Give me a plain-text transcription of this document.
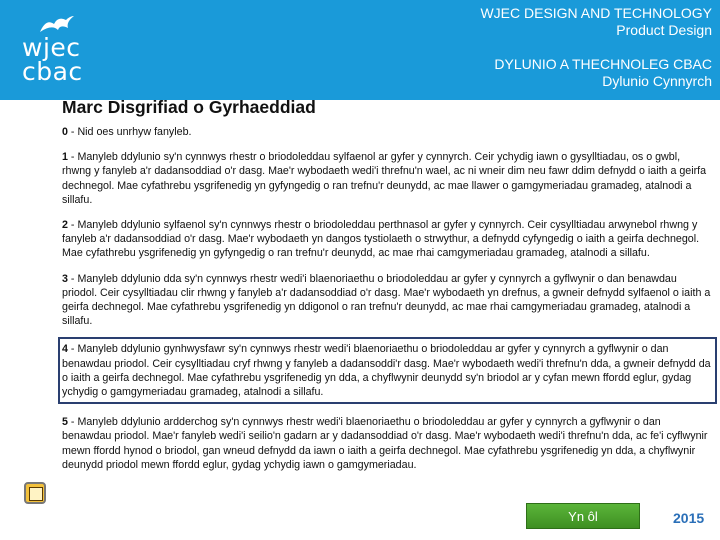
wjec
cbac
WJEC DESIGN AND TECHNOLOGY
Product Design
DYLUNIO A THECHNOLEG CBAC
Dylunio Cynnyrch
Marc Disgrifiad o Gyrhaeddiad
0 - Nid oes unrhyw fanyleb.
1 - Manyleb ddylunio sy'n cynnwys rhestr o briodoleddau sylfaenol ar gyfer y cynnyrch. Ceir ychydig iawn o gysylltiadau, os o gwbl, rhwng y fanyleb a'r dadansoddiad o'r dasg. Mae'r wybodaeth wedi'i threfnu'n wael, ac ni wneir dim neu fawr ddim defnydd o iaith a geirfa dechnegol. Mae cyfathrebu ysgrifenedig yn gyfyngedig o ran trefnu'r deunydd, ac mae llawer o gamgymeriadau gramadeg, atalnodi a sillafu.
2 - Manyleb ddylunio sylfaenol sy'n cynnwys rhestr o briodoleddau perthnasol ar gyfer y cynnyrch. Ceir cysylltiadau arwynebol rhwng y fanyleb a'r dadansoddiad o'r dasg. Mae'r wybodaeth yn dangos tystiolaeth o strwythur, a defnydd cyfyngedig o iaith a geirfa dechnegol. Mae cyfathrebu ysgrifenedig yn gyfyngedig o ran trefnu'r deunydd, ac mae rhai camgymeriadau gramadeg, atalnodi a sillafu.
3 - Manyleb ddylunio dda sy'n cynnwys rhestr wedi'i blaenoriaethu o briodoleddau ar gyfer y cynnyrch a gyflwynir o dan benawdau priodol. Ceir cysylltiadau clir rhwng y fanyleb a'r dadansoddiad o'r dasg. Mae'r wybodaeth yn drefnus, a gwneir defnydd sylfaenol o iaith a geirfa dechnegol. Mae cyfathrebu ysgrifenedig yn ddigonol o ran trefnu'r deunydd, ac mae rhai camgymeriadau gramadeg, atalnodi a sillafu.
4 - Manyleb ddylunio gynhwysfawr sy'n cynnwys rhestr wedi'i blaenoriaethu o briodoleddau ar gyfer y cynnyrch a gyflwynir o dan benawdau priodol. Ceir cysylltiadau cryf rhwng y fanyleb a dadansoddi'r dasg. Mae'r wybodaeth wedi'i threfnu'n dda, a gwneir defnydd da o iaith a geirfa dechnegol. Mae cyfathrebu ysgrifenedig yn dda, a chyflwynir deunydd sy'n briodol ar y cyfan mewn ffordd eglur, gydag ychydig o gamgymeriadau gramadeg, atalnodi a sillafu.
5 - Manyleb ddylunio ardderchog sy'n cynnwys rhestr wedi'i blaenoriaethu o briodoleddau ar gyfer y cynnyrch a gyflwynir o dan benawdau priodol. Mae'r fanyleb wedi'i seilio'n gadarn ar y dadansoddiad o'r dasg. Mae'r wybodaeth wedi'i threfnu'n dda, ac fe'i cyflwynir mewn ffordd hynod o briodol, gan wneud defnydd da iawn o iaith a geirfa dechnegol. Mae cyfathrebu ysgrifenedig yn dda, a chyflwynir deunydd priodol mewn ffordd eglur, gydag ychydig iawn o gamgymeriadau.
Yn ôl	2015
